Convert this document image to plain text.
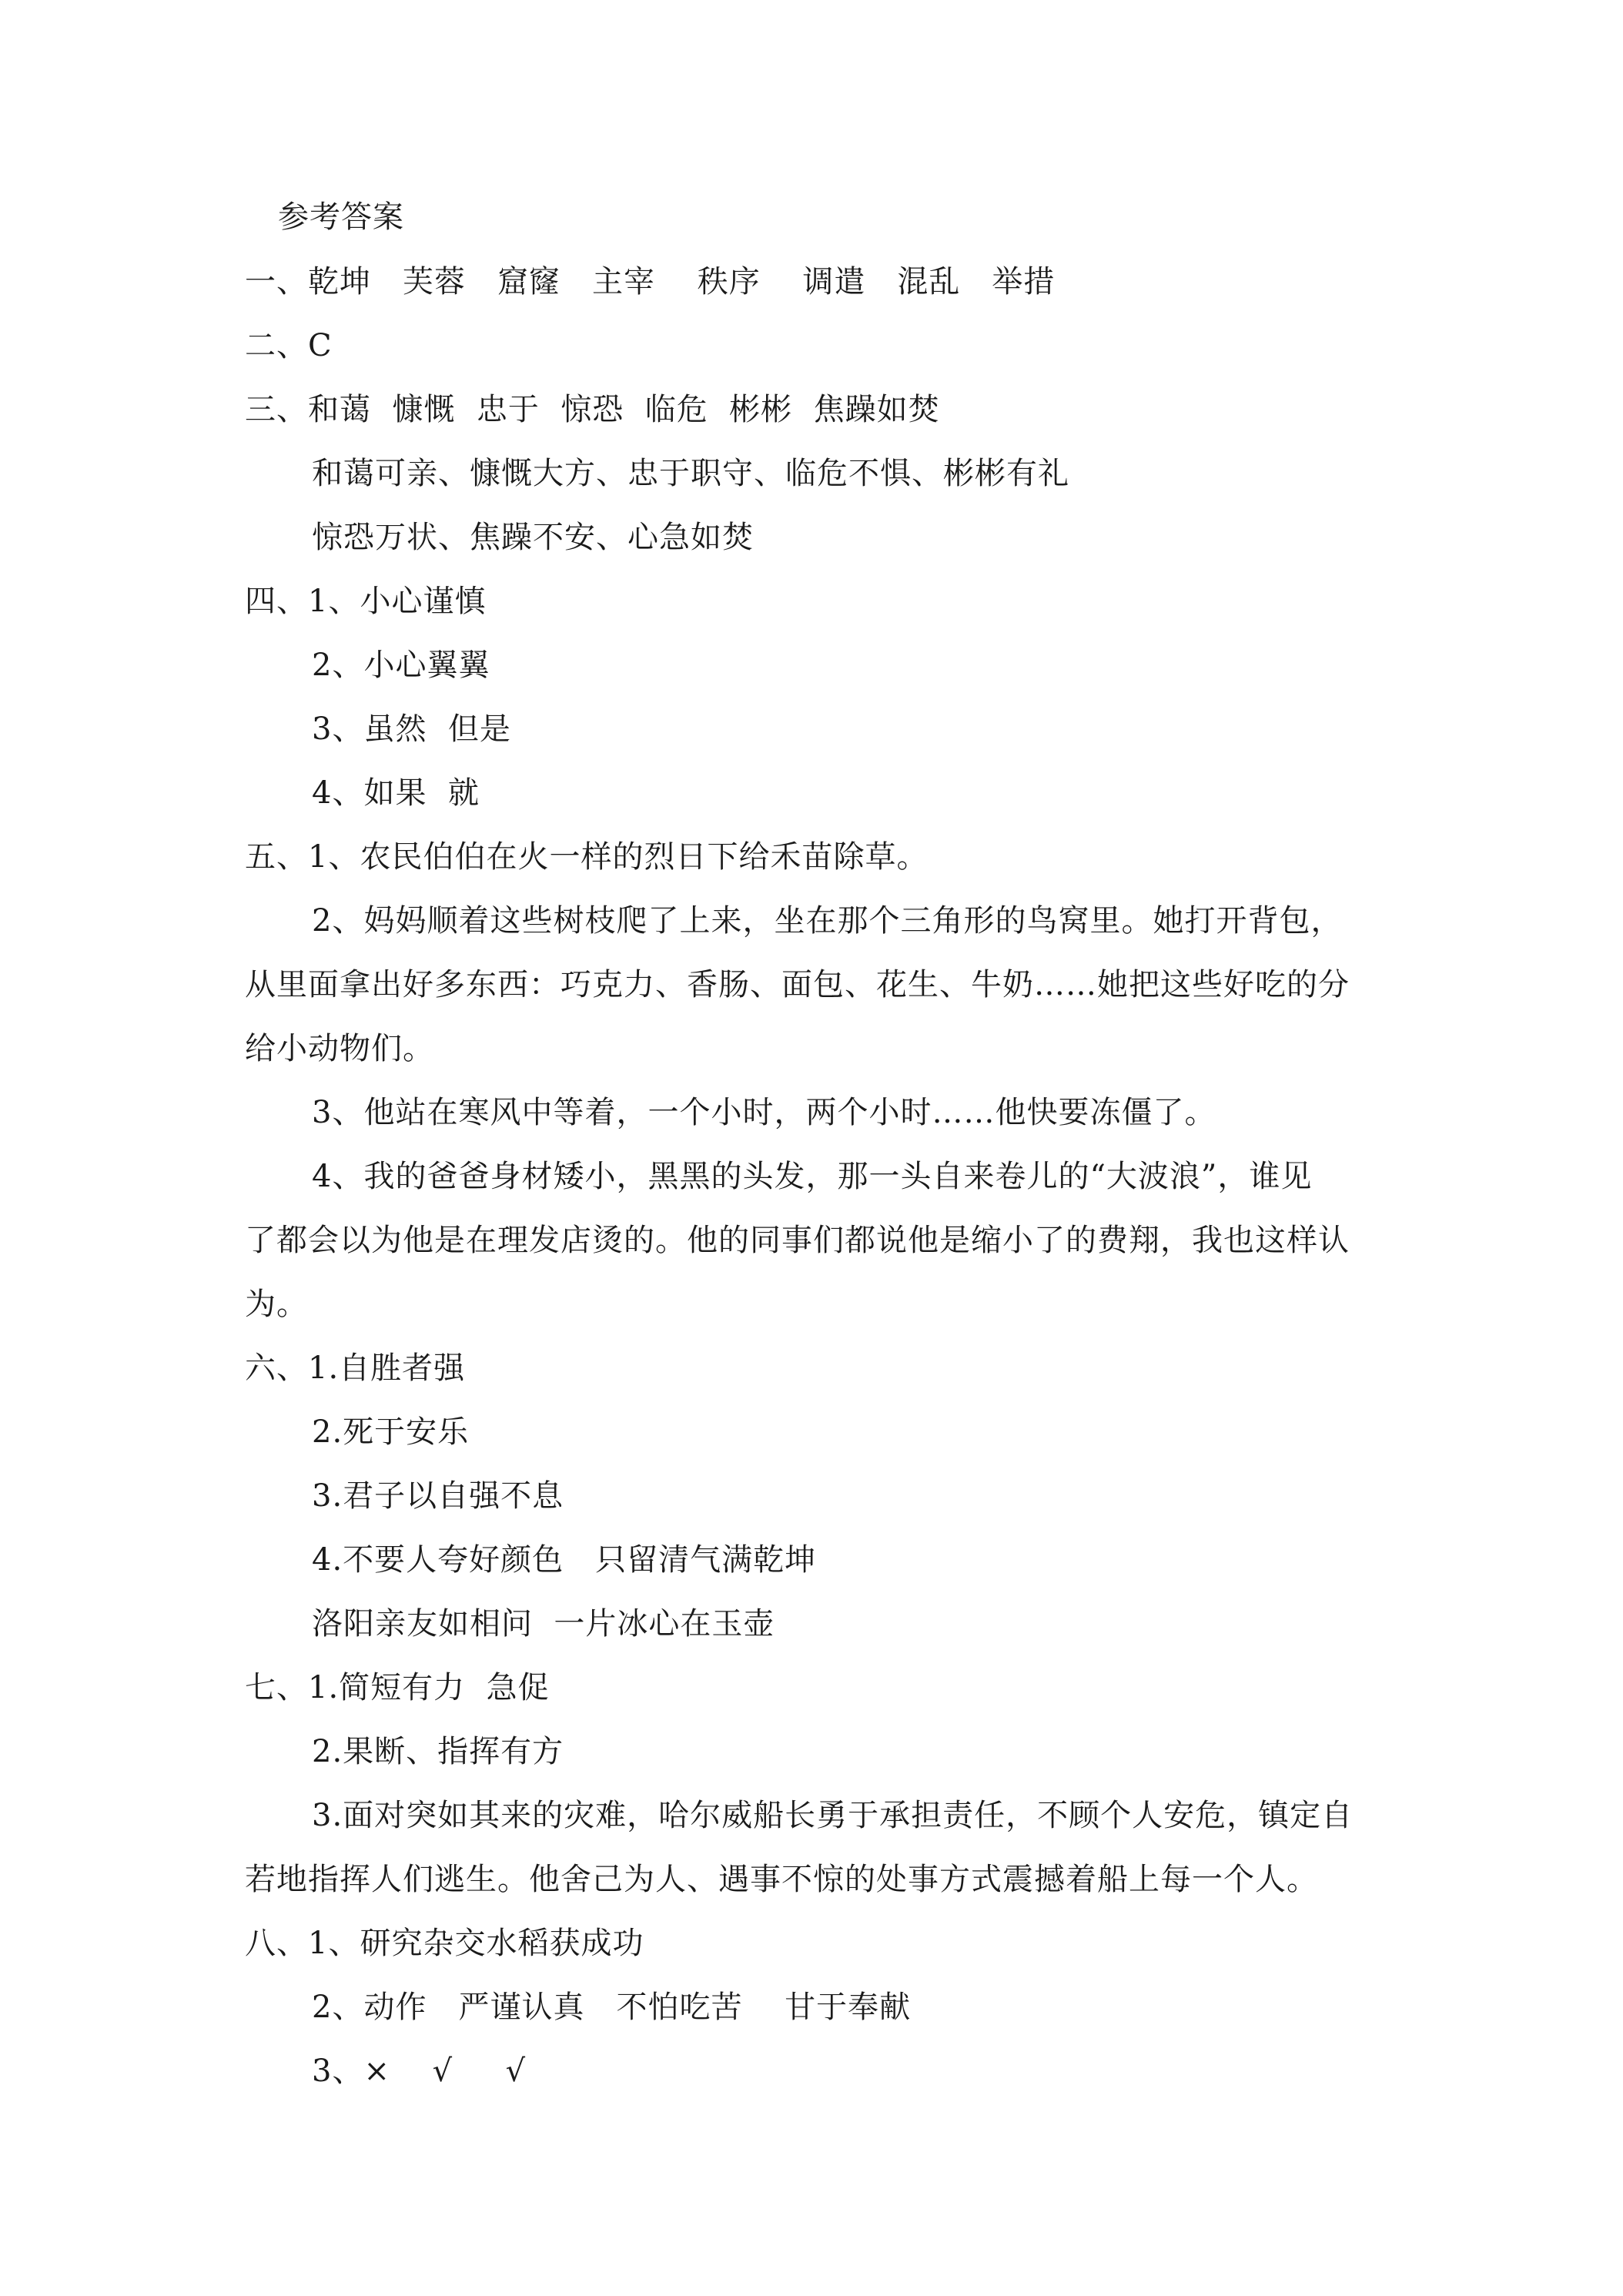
参考答案
一、乾坤　芙蓉　窟窿　主宰　 秩序　 调遣　混乱　举措
二、C
三、和蔼  慷慨  忠于  惊恐  临危  彬彬  焦躁如焚
和蔼可亲、慷慨大方、忠于职守、临危不惧、彬彬有礼
惊恐万状、焦躁不安、心急如焚
四、1、小心谨慎
2、小心翼翼
3、虽然  但是
4、如果  就
五、1、农民伯伯在火一样的烈日下给禾苗除草。
2、妈妈顺着这些树枝爬了上来，坐在那个三角形的鸟窝里。她打开背包，
从里面拿出好多东西：巧克力、香肠、面包、花生、牛奶……她把这些好吃的分
给小动物们。
3、他站在寒风中等着，一个小时，两个小时……他快要冻僵了。
4、我的爸爸身材矮小，黑黑的头发，那一头自来卷儿的“大波浪”，谁见
了都会以为他是在理发店烫的。他的同事们都说他是缩小了的费翔，我也这样认
为。
六、1.自胜者强
2.死于安乐
3.君子以自强不息
4.不要人夸好颜色　只留清气满乾坤
洛阳亲友如相问  一片冰心在玉壶
七、1.简短有力  急促
2.果断、指挥有方
3.面对突如其来的灾难，哈尔威船长勇于承担责任，不顾个人安危，镇定自
若地指挥人们逃生。他舍己为人、遇事不惊的处事方式震撼着船上每一个人。
八、1、研究杂交水稻获成功
2、动作　严谨认真　不怕吃苦　 甘于奉献
3、×　 √　  √
